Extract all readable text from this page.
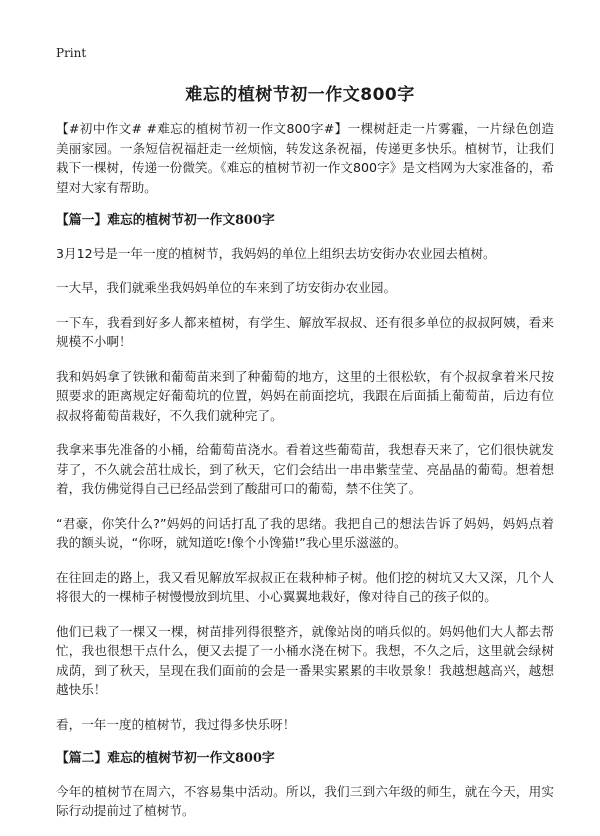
Print
难忘的植树节初一作文800字

【#初中作文# #难忘的植树节初一作文800字#】一棵树赶走一片雾霾，一片绿色创造美丽家园。一条短信祝福赶走一丝烦恼，转发这条祝福，传递更多快乐。植树节，让我们栽下一棵树，传递一份微笑。《难忘的植树节初一作文800字》是文档网为大家准备的，希望对大家有帮助。

【篇一】难忘的植树节初一作文800字

3月12号是一年一度的植树节，我妈妈的单位上组织去坊安街办农业园去植树。

一大早，我们就乘坐我妈妈单位的车来到了坊安街办农业园。

一下车，我看到好多人都来植树，有学生、解放军叔叔、还有很多单位的叔叔阿姨，看来规模不小啊！

我和妈妈拿了铁锹和葡萄苗来到了种葡萄的地方，这里的土很松软，有个叔叔拿着米尺按照要求的距离规定好葡萄坑的位置，妈妈在前面挖坑，我跟在后面插上葡萄苗，后边有位叔叔将葡萄苗栽好，不久我们就种完了。

我拿来事先准备的小桶，给葡萄苗浇水。看着这些葡萄苗，我想春天来了，它们很快就发芽了，不久就会茁壮成长，到了秋天，它们会结出一串串紫莹莹、亮晶晶的葡萄。想着想着，我仿佛觉得自己已经品尝到了酸甜可口的葡萄，禁不住笑了。

“君豪，你笑什么?”妈妈的问话打乱了我的思绪。我把自己的想法告诉了妈妈，妈妈点着我的额头说，“你呀，就知道吃!像个小馋猫!”我心里乐滋滋的。

在往回走的路上，我又看见解放军叔叔正在栽种柿子树。他们挖的树坑又大又深，几个人将很大的一棵柿子树慢慢放到坑里、小心翼翼地栽好，像对待自己的孩子似的。

他们已栽了一棵又一棵，树苗排列得很整齐，就像站岗的哨兵似的。妈妈他们大人都去帮忙，我也很想干点什么，便又去提了一小桶水浇在树下。我想，不久之后，这里就会绿树成荫，到了秋天，呈现在我们面前的会是一番果实累累的丰收景象！我越想越高兴，越想越快乐！

看，一年一度的植树节，我过得多快乐呀！

【篇二】难忘的植树节初一作文800字

今年的植树节在周六，不容易集中活动。所以，我们三到六年级的师生，就在今天，用实际行动提前过了植树节。
